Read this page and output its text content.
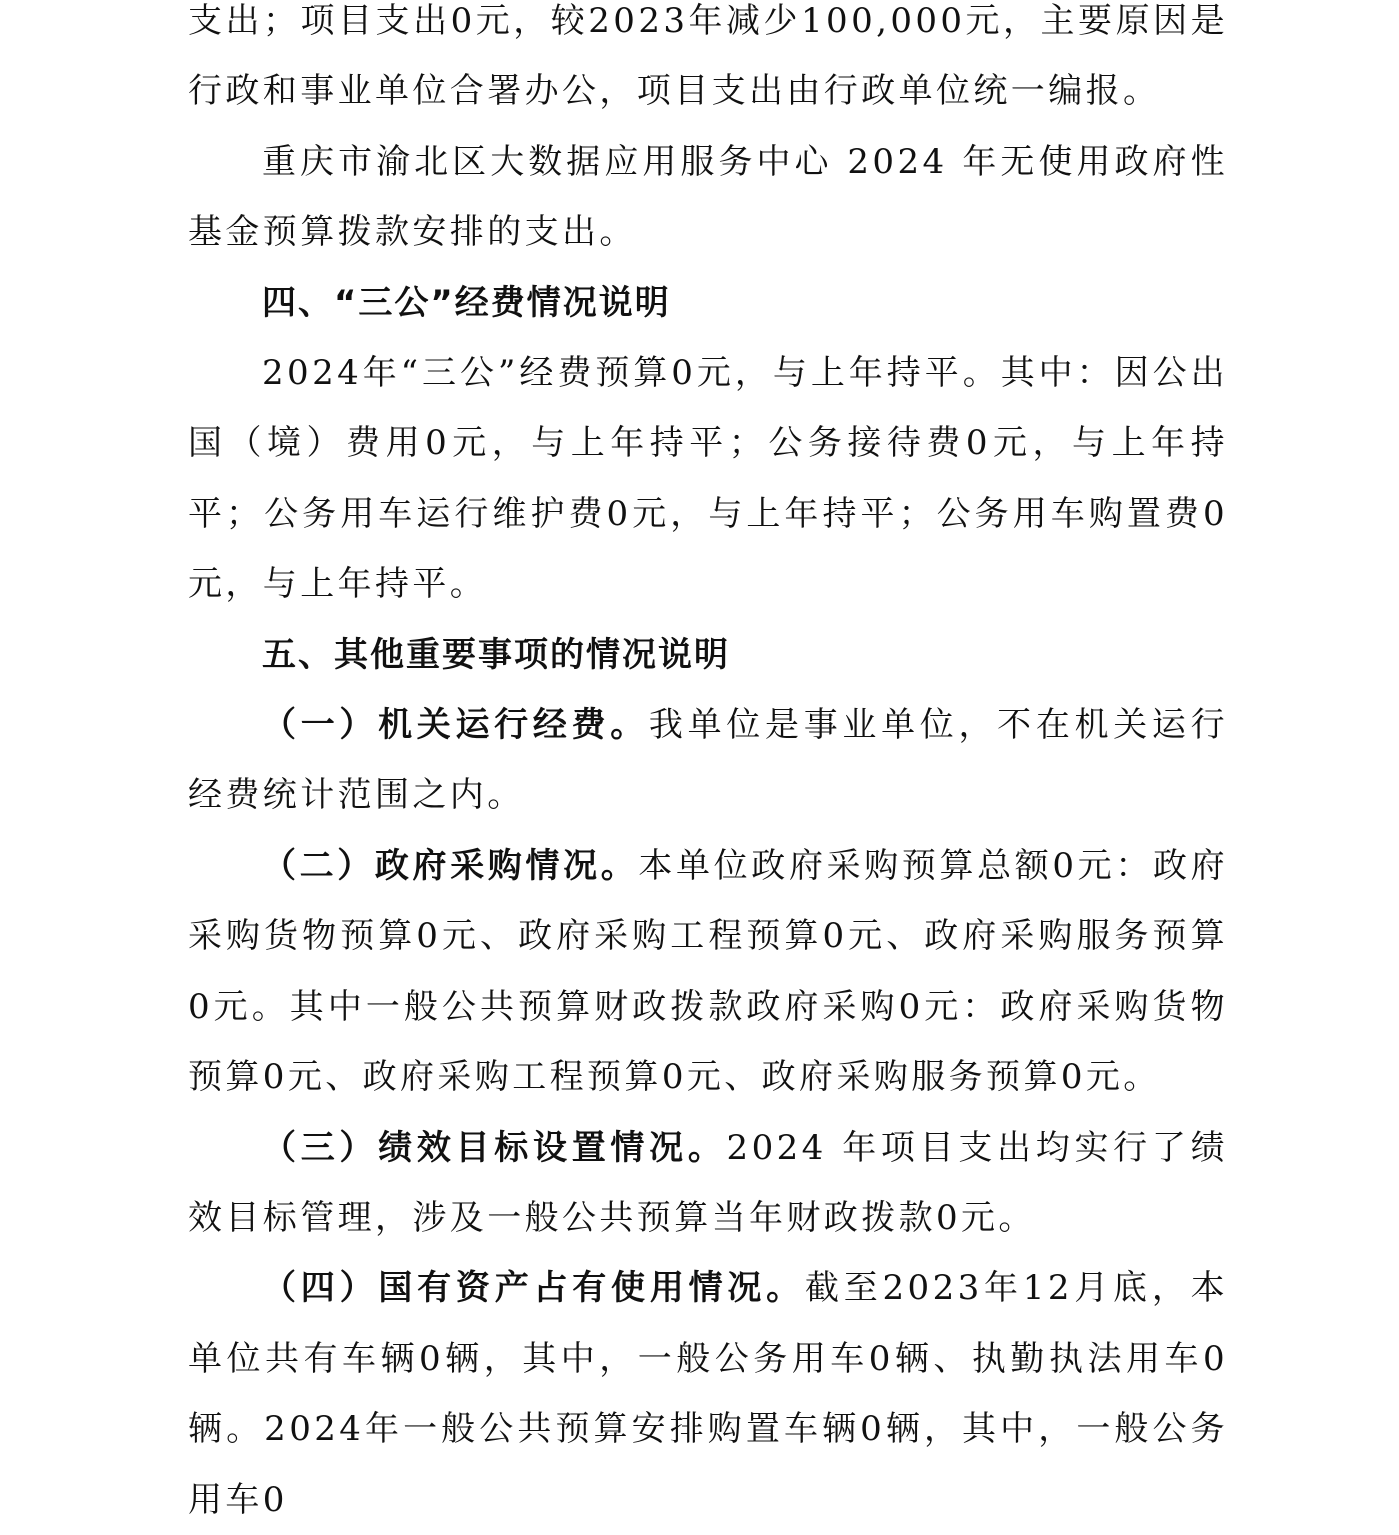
支出；项目支出0元，较2023年减少100,000元，主要原因是行政和事业单位合署办公，项目支出由行政单位统一编报。

重庆市渝北区大数据应用服务中心 2024 年无使用政府性基金预算拨款安排的支出。

四、“三公”经费情况说明

2024年“三公”经费预算0元，与上年持平。其中：因公出国（境）费用0元，与上年持平；公务接待费0元，与上年持平；公务用车运行维护费0元，与上年持平；公务用车购置费0元，与上年持平。

五、其他重要事项的情况说明

（一）机关运行经费。我单位是事业单位，不在机关运行经费统计范围之内。

（二）政府采购情况。本单位政府采购预算总额0元：政府采购货物预算0元、政府采购工程预算0元、政府采购服务预算0元。其中一般公共预算财政拨款政府采购0元：政府采购货物预算0元、政府采购工程预算0元、政府采购服务预算0元。

（三）绩效目标设置情况。2024 年项目支出均实行了绩效目标管理，涉及一般公共预算当年财政拨款0元。

（四）国有资产占有使用情况。截至2023年12月底，本单位共有车辆0辆，其中，一般公务用车0辆、执勤执法用车0辆。2024年一般公共预算安排购置车辆0辆，其中，一般公务用车0
